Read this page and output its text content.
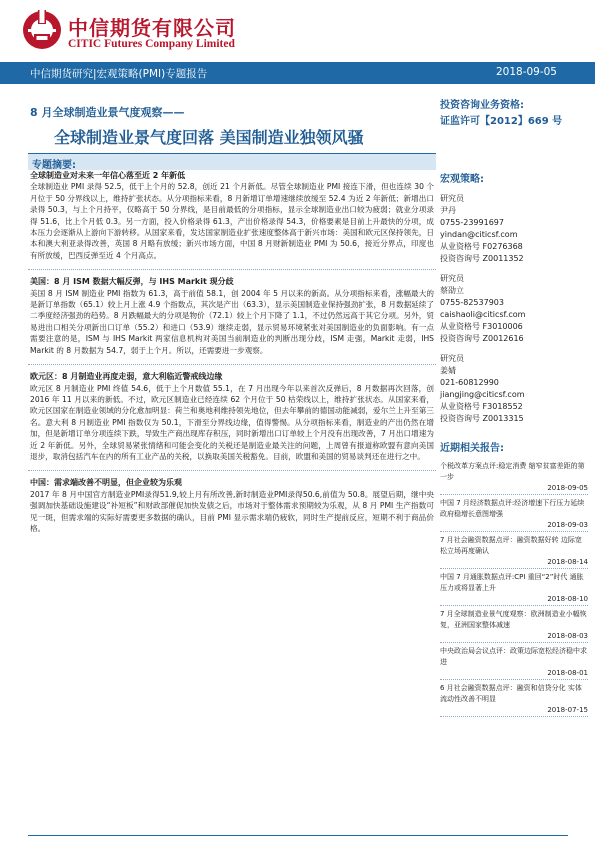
中信期货有限公司
CITIC Futures Company Limited
中信期货研究|宏观策略(PMI)专题报告	2018-09-05
8 月全球制造业景气度观察——
全球制造业景气度回落 美国制造业独领风骚
投资咨询业务资格:
证监许可【2012】669 号
专题摘要:
全球制造业对未来一年信心落至近 2 年新低
全球制造业 PMI 录得 52.5，低于上个月的 52.8，创近 21 个月新低。尽管全球制造业 PMI 接连下滑，但也连续 30 个月位于 50 分界线以上，维持扩张状态。从分项指标来看，8 月新增订单增速继续放缓至 52.4 为近 2 年新低；新增出口录得 50.3，与上个月持平，仅略高于 50 分界线，是目前最低的分项指标，显示全球制造业出口较为疲弱；就业分项录得 51.6，比上个月低 0.3。另一方面，投入价格录得 61.3，产出价格录得 54.3，价格要素是目前上升最快的分项，成本压力会逐渐从上游向下游转移。从国家来看，发达国家制造业扩张速度整体高于新兴市场：美国和欧元区保持领先，日本和澳大利亚录得改善，英国 8 月略有放缓；新兴市场方面，中国 8 月财新制造业 PMI 为 50.6，接近分界点，印度也有所放缓，巴西反弹至近 4 个月高点。
美国：8 月 ISM 数据大幅反弹，与 IHS Markit 现分歧
美国 8 月 ISM 制造业 PMI 指数为 61.3，高于前值 58.1，创 2004 年 5 月以来的新高。从分项指标来看，涨幅最大的是新订单指数（65.1）较上月上涨 4.9 个指数点，其次是产出（63.3），显示美国制造业保持强劲扩张，8 月数据延续了二季度经济强劲的趋势。8 月跌幅最大的分项是物价（72.1）较上个月下降了 1.1，不过仍然远高于其它分项。另外，贸易进出口相关分项新出口订单（55.2）和进口（53.9）继续走弱，显示贸易环境紧张对美国制造业的负面影响。有一点需要注意的是，ISM 与 IHS Markit 两家信息机构对美国当前制造业的判断出现分歧，ISM 走强，Markit 走弱，IHS Markit 的 8 月数据为 54.7，弱于上个月。所以，还需要进一步观察。
欧元区：8 月制造业再度走弱，意大利临近警戒线边缘
欧元区 8 月制造业 PMI 终值 54.6，低于上个月数值 55.1，在 7 月出现今年以来首次反弹后，8 月数据再次回落，创 2016 年 11 月以来的新低。不过，欧元区制造业已经连续 62 个月位于 50 枯荣线以上，维持扩张状态。从国家来看，欧元区国家在制造业领域的分化愈加明显：荷兰和奥地利维持领先地位，但去年攀前的德国动能减弱，爱尔兰上升至第三名。意大利 8 月制造业 PMI 指数仅为 50.1，下滑至分界线边缘，值得警惕。从分项指标来看，制造业的产出仍然在增加，但是新增订单分项连续下跌，导致生产商出现库存积压，同时新增出口订单较上个月没有出现改善，7 月出口增速为近 2 年新低。另外，全球贸易紧张情绪和可能会变化的关税还是制造业最关注的问题，上周曾有报道称欧盟有意向美国退步，取消包括汽车在内的所有工业产品的关税，以换取美国关税豁免。目前，欧盟和美国的贸易谈判还在进行之中。
中国：需求端改善不明显，但企业较为乐观
2017 年 8 月中国官方制造业PMI录得51.9,较上月有所改善,新时制造业PMI录得50.6,前值为 50.8。展望后期，继中央强调加快基础设施建设“补短板”和财政部催促加快发债之后，市场对于整体需求预期较为乐观，从 8 月 PMI 生产指数可见一斑，但需求端的实际好需要更多数据的确认，目前 PMI 显示需求端仍疲软，同时生产提前反应，短期不利于商品价格。
宏观策略:
研究员
尹丹
0755-23991697
yindan@citicsf.com
从业资格号 F0276368
投资咨询号 Z0011352
研究员
蔡劭立
0755-82537903
caishaoli@citicsf.com
从业资格号 F3010006
投资咨询号 Z0012616
研究员
姜婧
021-60812990
jiangjing@citicsf.com
从业资格号 F3018552
投资咨询号 Z0013315
近期相关报告:
个税改革方案点评:稳定消费 缩窄贫富差距的第一步
2018-09-05
中国 7 月经济数据点评:经济增速下行压力延续 政府稳增长意图增强
2018-09-03
7 月社会融资数据点评：融资数据好转 边际宽松立场再度确认
2018-08-14
中国 7 月通胀数据点评:CPI 重回“2”时代 通胀压力或将显著上升
2018-08-10
7 月全球制造业景气度观察：欧洲制造业小幅恢复，亚洲国家整体减速
2018-08-03
中央政治局会议点评：政策边际宽松经济稳中求进
2018-08-01
6 月社会融资数据点评：融资和信贷分化 实体流动性改善不明显
2018-07-15
